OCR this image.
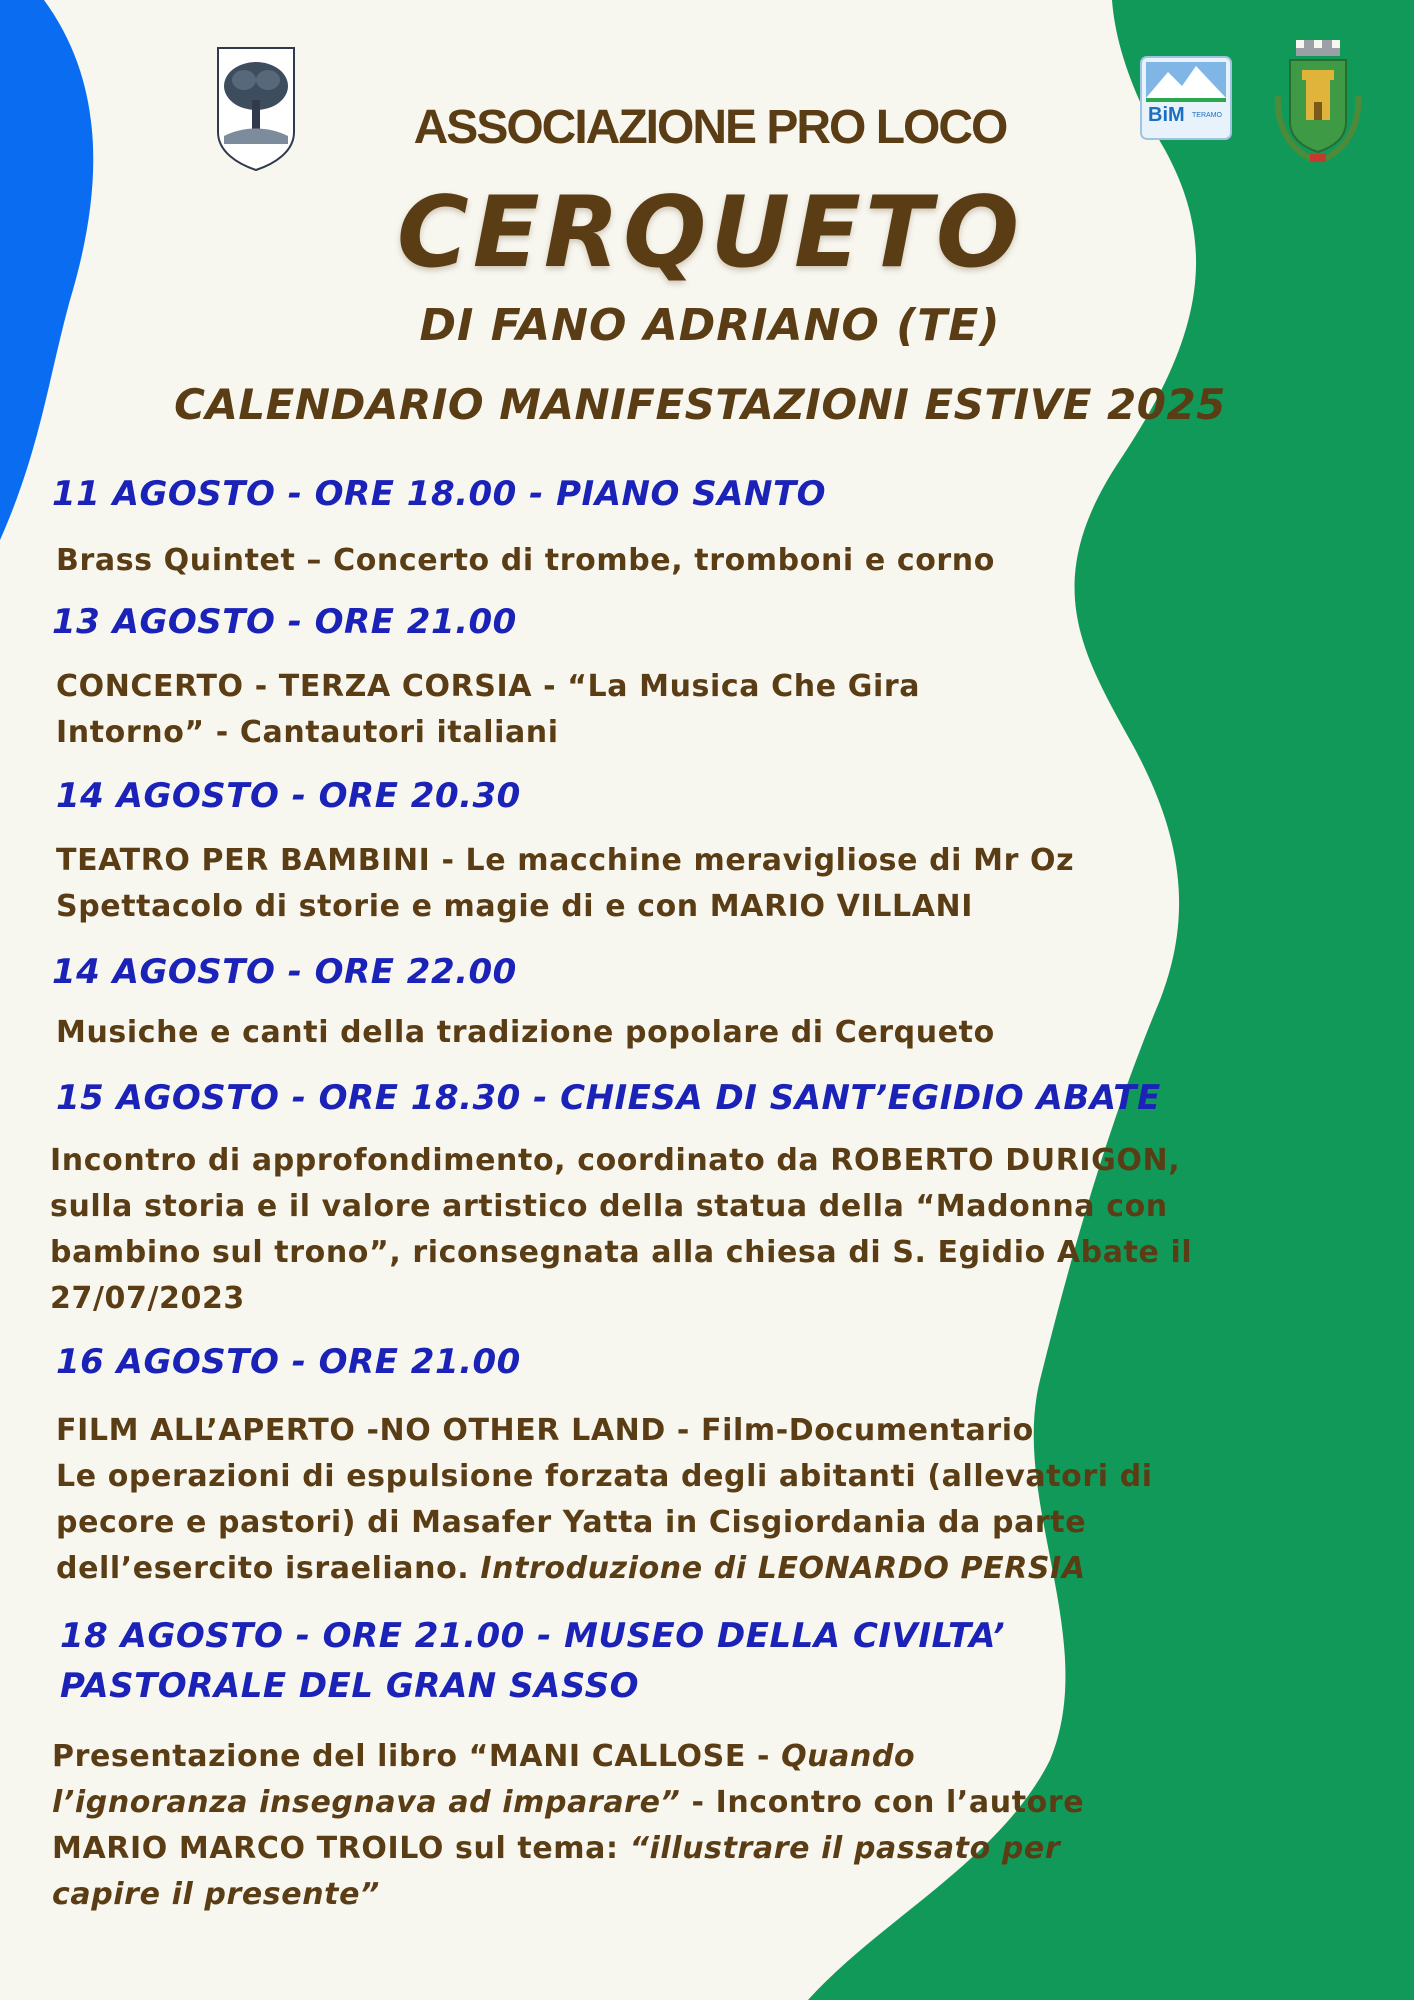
BiM TERAMO
ASSOCIAZIONE PRO LOCO
CERQUETO
DI FANO ADRIANO (TE)
CALENDARIO MANIFESTAZIONI ESTIVE 2025
11 AGOSTO - ORE 18.00 - PIANO SANTO
Brass Quintet – Concerto di trombe, tromboni e corno
13 AGOSTO - ORE 21.00
CONCERTO - TERZA CORSIA - “La Musica Che Gira
Intorno” - Cantautori italiani
14 AGOSTO - ORE 20.30
TEATRO PER BAMBINI - Le macchine meravigliose di Mr Oz
Spettacolo di storie e magie di e con MARIO VILLANI
14 AGOSTO - ORE 22.00
Musiche e canti della tradizione popolare di Cerqueto
15 AGOSTO - ORE 18.30 - CHIESA DI SANT’EGIDIO ABATE
Incontro di approfondimento, coordinato da ROBERTO DURIGON,
sulla storia e il valore artistico della statua della “Madonna con
bambino sul trono”, riconsegnata alla chiesa di S. Egidio Abate il
27/07/2023
16 AGOSTO - ORE 21.00
FILM ALL’APERTO -NO OTHER LAND - Film-Documentario
Le operazioni di espulsione forzata degli abitanti (allevatori di
pecore e pastori) di Masafer Yatta in Cisgiordania da parte
dell’esercito israeliano. Introduzione di LEONARDO PERSIA
18 AGOSTO - ORE 21.00 - MUSEO DELLA CIVILTA’
PASTORALE DEL GRAN SASSO
Presentazione del libro “MANI CALLOSE - Quando
l’ignoranza insegnava ad imparare” - Incontro con l’autore
MARIO MARCO TROILO sul tema: “illustrare il passato per
capire il presente”
